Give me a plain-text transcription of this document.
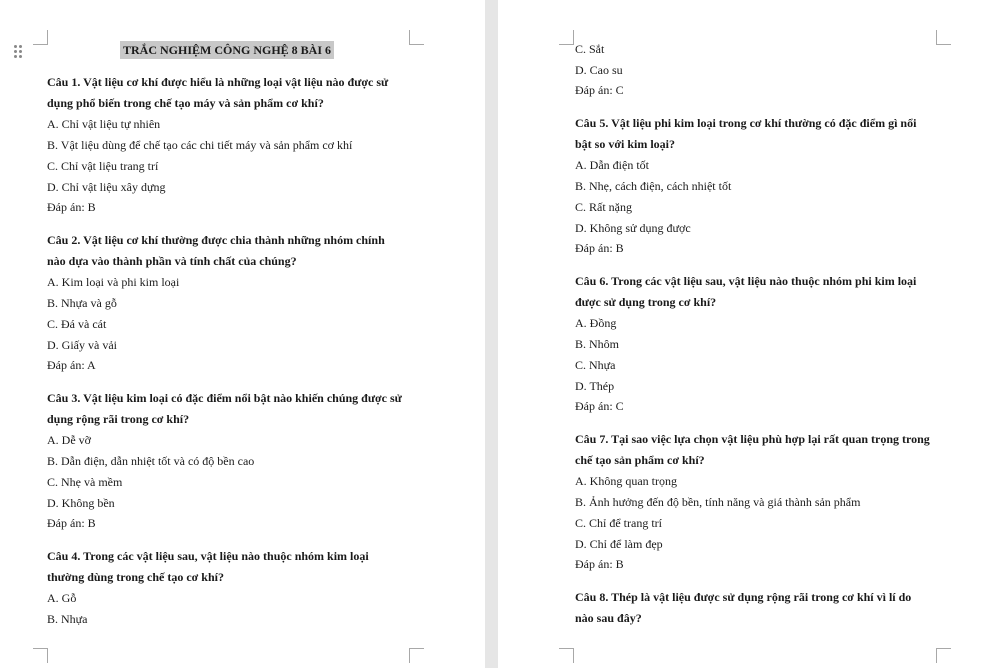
TRẮC NGHIỆM CÔNG NGHỆ 8 BÀI 6
Câu 1. Vật liệu cơ khí được hiểu là những loại vật liệu nào được sử
dụng phổ biến trong chế tạo máy và sản phẩm cơ khí?
A. Chỉ vật liệu tự nhiên
B. Vật liệu dùng để chế tạo các chi tiết máy và sản phẩm cơ khí
C. Chỉ vật liệu trang trí
D. Chỉ vật liệu xây dựng
Đáp án: B
Câu 2. Vật liệu cơ khí thường được chia thành những nhóm chính
nào dựa vào thành phần và tính chất của chúng?
A. Kim loại và phi kim loại
B. Nhựa và gỗ
C. Đá và cát
D. Giấy và vải
Đáp án: A
Câu 3. Vật liệu kim loại có đặc điểm nổi bật nào khiến chúng được sử
dụng rộng rãi trong cơ khí?
A. Dễ vỡ
B. Dẫn điện, dẫn nhiệt tốt và có độ bền cao
C. Nhẹ và mềm
D. Không bền
Đáp án: B
Câu 4. Trong các vật liệu sau, vật liệu nào thuộc nhóm kim loại
thường dùng trong chế tạo cơ khí?
A. Gỗ
B. Nhựa
C. Sắt
D. Cao su
Đáp án: C
Câu 5. Vật liệu phi kim loại trong cơ khí thường có đặc điểm gì nổi
bật so với kim loại?
A. Dẫn điện tốt
B. Nhẹ, cách điện, cách nhiệt tốt
C. Rất nặng
D. Không sử dụng được
Đáp án: B
Câu 6. Trong các vật liệu sau, vật liệu nào thuộc nhóm phi kim loại
được sử dụng trong cơ khí?
A. Đồng
B. Nhôm
C. Nhựa
D. Thép
Đáp án: C
Câu 7. Tại sao việc lựa chọn vật liệu phù hợp lại rất quan trọng trong
chế tạo sản phẩm cơ khí?
A. Không quan trọng
B. Ảnh hưởng đến độ bền, tính năng và giá thành sản phẩm
C. Chỉ để trang trí
D. Chỉ để làm đẹp
Đáp án: B
Câu 8. Thép là vật liệu được sử dụng rộng rãi trong cơ khí vì lí do
nào sau đây?
